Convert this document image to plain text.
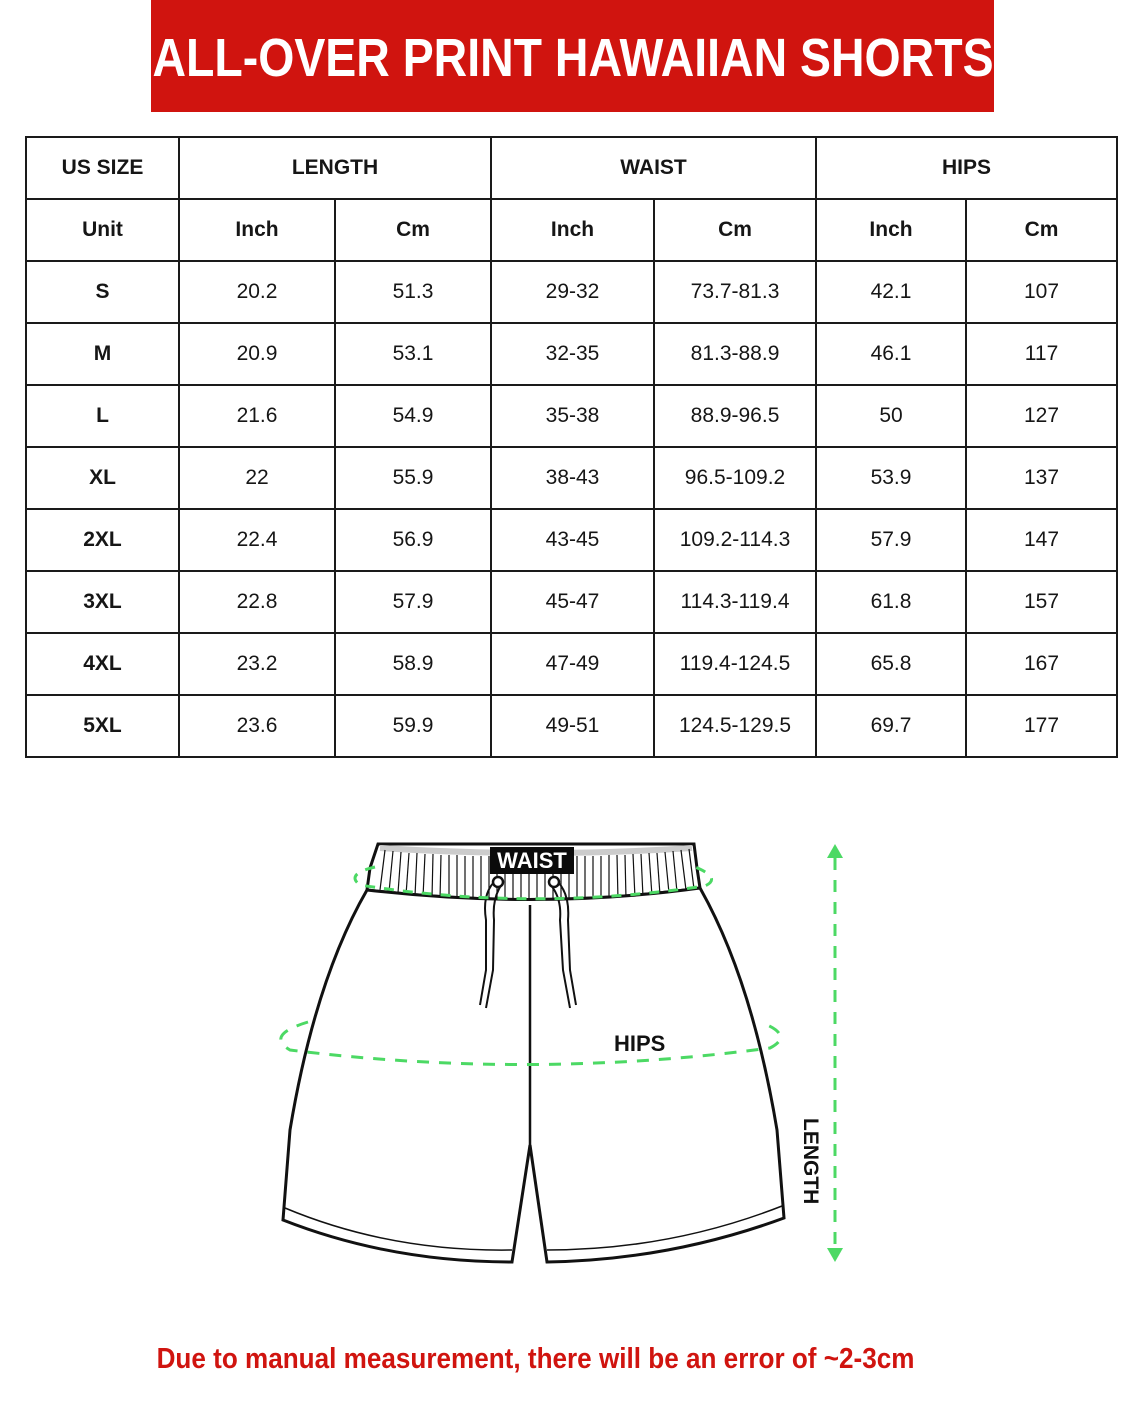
ALL-OVER PRINT HAWAIIAN SHORTS
US SIZE	LENGTH		WAIST		HIPS	
Unit	Inch	Cm	Inch	Cm	Inch	Cm
S	20.2	51.3	29-32	73.7-81.3	42.1	107
M	20.9	53.1	32-35	81.3-88.9	46.1	117
L	21.6	54.9	35-38	88.9-96.5	50	127
XL	22	55.9	38-43	96.5-109.2	53.9	137
2XL	22.4	56.9	43-45	109.2-114.3	57.9	147
3XL	22.8	57.9	45-47	114.3-119.4	61.8	157
4XL	23.2	58.9	47-49	119.4-124.5	65.8	167
5XL	23.6	59.9	49-51	124.5-129.5	69.7	177
WAIST
HIPS
LENGTH
Due to manual measurement, there will be an error of ~2-3cm
